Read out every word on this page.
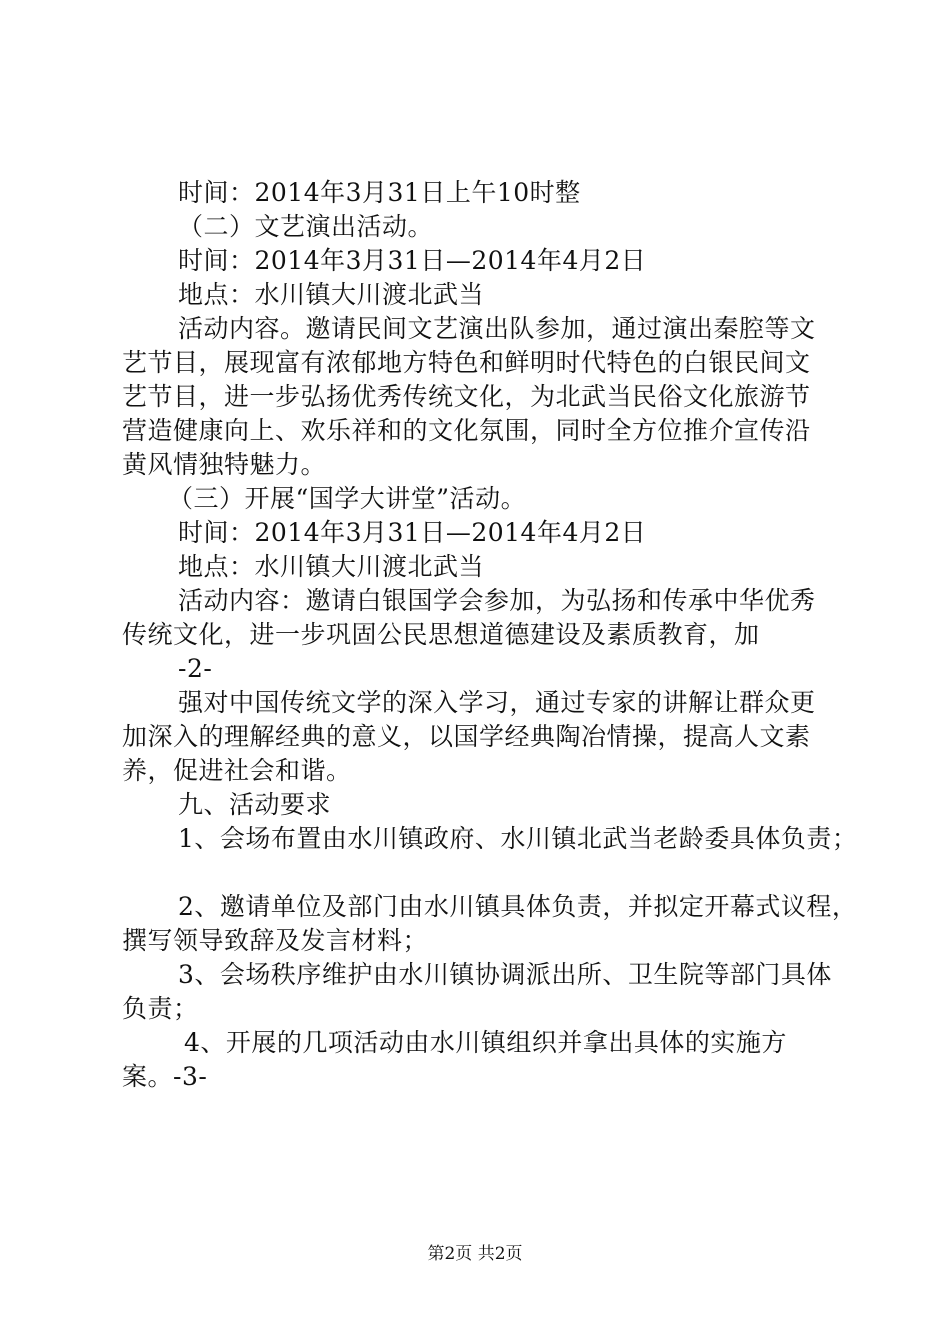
时间：2014年3月31日上午10时整
（二）文艺演出活动。
时间：2014年3月31日—2014年4月2日
地点：水川镇大川渡北武当
活动内容。邀请民间文艺演出队参加，通过演出秦腔等文
艺节目，展现富有浓郁地方特色和鲜明时代特色的白银民间文
艺节目，进一步弘扬优秀传统文化，为北武当民俗文化旅游节
营造健康向上、欢乐祥和的文化氛围，同时全方位推介宣传沿
黄风情独特魅力。
（三）开展“国学大讲堂”活动。
时间：2014年3月31日—2014年4月2日
地点：水川镇大川渡北武当
活动内容：邀请白银国学会参加，为弘扬和传承中华优秀
传统文化，进一步巩固公民思想道德建设及素质教育，加
-2-
强对中国传统文学的深入学习，通过专家的讲解让群众更
加深入的理解经典的意义，以国学经典陶冶情操，提高人文素
养，促进社会和谐。
九、活动要求
1、会场布置由水川镇政府、水川镇北武当老龄委具体负责；
2、邀请单位及部门由水川镇具体负责，并拟定开幕式议程，
撰写领导致辞及发言材料；
3、会场秩序维护由水川镇协调派出所、卫生院等部门具体
负责；
4、开展的几项活动由水川镇组织并拿出具体的实施方
案。-3-
第2页 共2页
